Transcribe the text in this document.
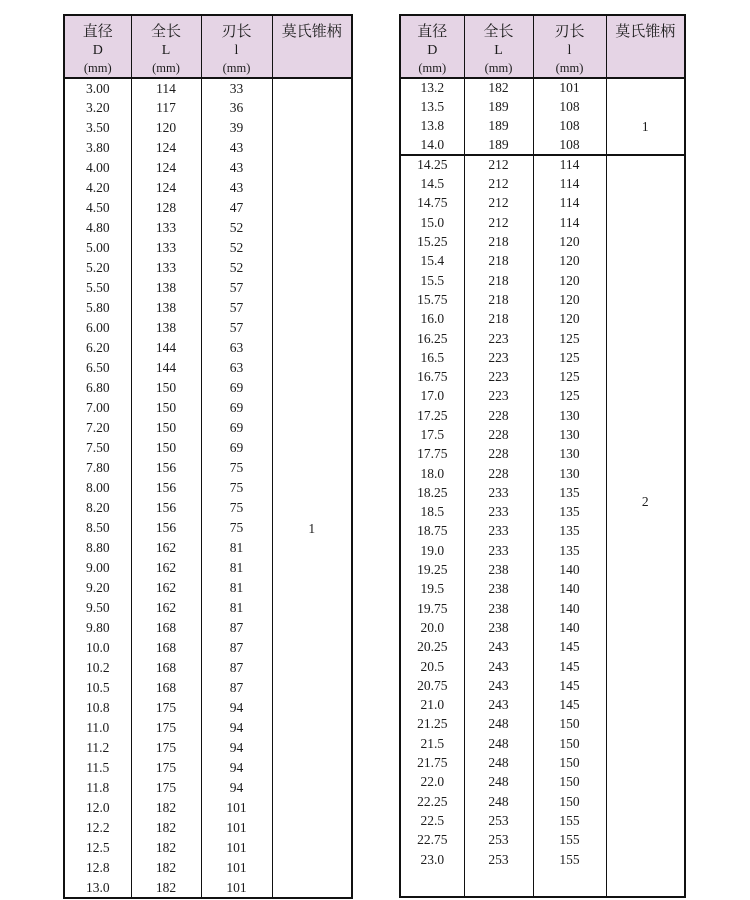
直径
D
(mm)

全长
L
(mm)

刃长
l
(mm)

莫氏锥柄

3.00	114	33	1

3.20	117	36	
3.50	120	39	
3.80	124	43	
4.00	124	43	
4.20	124	43	
4.50	128	47	
4.80	133	52	
5.00	133	52	
5.20	133	52	
5.50	138	57	
5.80	138	57	
6.00	138	57	
6.20	144	63	
6.50	144	63	
6.80	150	69	
7.00	150	69	
7.20	150	69	
7.50	150	69	
7.80	156	75	
8.00	156	75	
8.20	156	75	
8.50	156	75	
8.80	162	81	
9.00	162	81	
9.20	162	81	
9.50	162	81	
9.80	168	87	
10.0	168	87	
10.2	168	87	
10.5	168	87	
10.8	175	94	
11.0	175	94	
11.2	175	94	
11.5	175	94	
11.8	175	94	
12.0	182	101	
12.2	182	101	
12.5	182	101	
12.8	182	101	
13.0	182	101	
直径
D
(mm)

全长
L
(mm)

刃长
l
(mm)

莫氏锥柄

13.2	182	101	1

13.5	189	108	
13.8	189	108	
14.0	189	108	
14.25	212	114	2

14.5	212	114	
14.75	212	114	
15.0	212	114	
15.25	218	120	
15.4	218	120	
15.5	218	120	
15.75	218	120	
16.0	218	120	
16.25	223	125	
16.5	223	125	
16.75	223	125	
17.0	223	125	
17.25	228	130	
17.5	228	130	
17.75	228	130	
18.0	228	130	
18.25	233	135	
18.5	233	135	
18.75	233	135	
19.0	233	135	
19.25	238	140	
19.5	238	140	
19.75	238	140	
20.0	238	140	
20.25	243	145	
20.5	243	145	
20.75	243	145	
21.0	243	145	
21.25	248	150	
21.5	248	150	
21.75	248	150	
22.0	248	150	
22.25	248	150	
22.5	253	155	
22.75	253	155	
23.0	253	155	
